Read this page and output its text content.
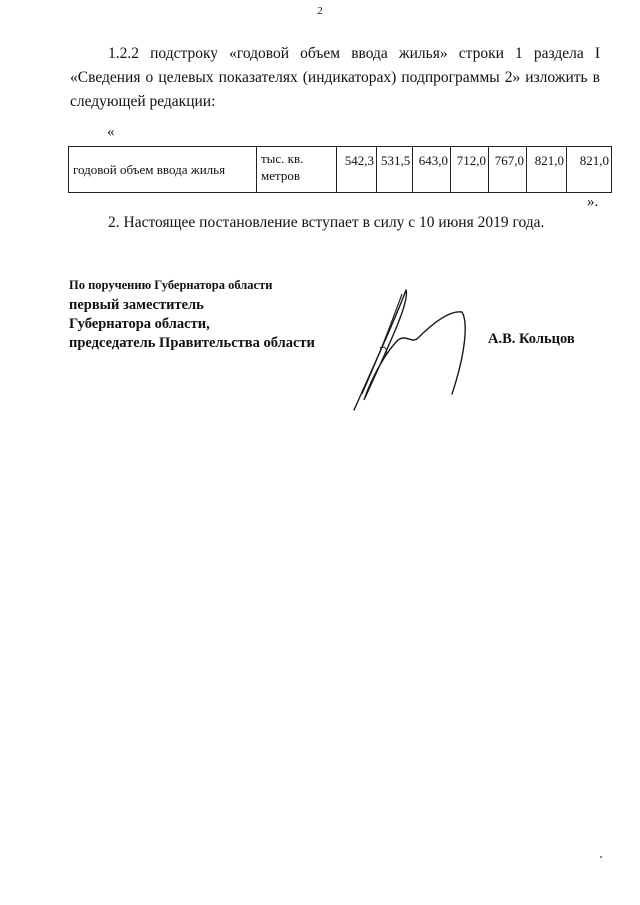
2

1.2.2 подстроку «годовой объем ввода жилья» строки 1 раздела I «Сведения о целевых показателях (индикаторах) подпрограммы 2» изложить в следующей редакции:

«
годовой объем ввода жилья	тыс. кв. метров	542,3	531,5	643,0	712,0	767,0	821,0	821,0
».

2. Настоящее постановление вступает в силу с 10 июня 2019 года.

По поручению Губернатора области

первый заместитель

Губернатора области,

председатель Правительства области	А.В. Кольцов
